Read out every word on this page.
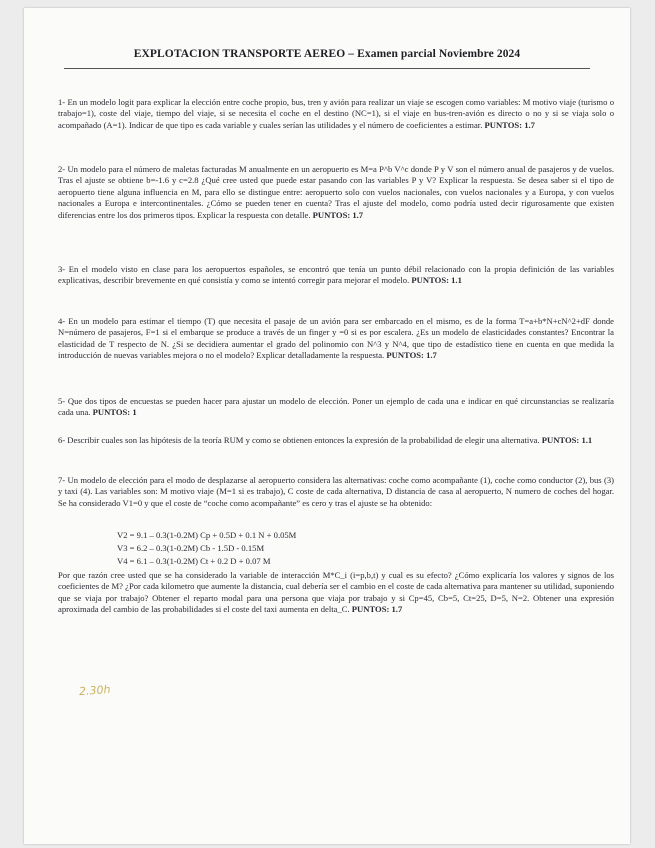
EXPLOTACION TRANSPORTE AEREO – Examen parcial Noviembre 2024
1- En un modelo logit para explicar la elección entre coche propio, bus, tren y avión para realizar un viaje se escogen como variables: M motivo viaje (turismo o trabajo=1), coste del viaje, tiempo del viaje, si se necesita el coche en el destino (NC=1), si el viaje en bus-tren-avión es directo o no y si se viaja solo o acompañado (A=1). Indicar de que tipo es cada variable y cuales serían las utilidades y el número de coeficientes a estimar. PUNTOS: 1.7
2- Un modelo para el número de maletas facturadas M anualmente en un aeropuerto es M=a P^b V^c donde P y V son el número anual de pasajeros y de vuelos. Tras el ajuste se obtiene b=-1.6 y c=2.8 ¿Qué cree usted que puede estar pasando con las variables P y V? Explicar la respuesta. Se desea saber si el tipo de aeropuerto tiene alguna influencia en M, para ello se distingue entre: aeropuerto solo con vuelos nacionales, con vuelos nacionales y a Europa, y con vuelos nacionales a Europa e intercontinentales. ¿Cómo se pueden tener en cuenta? Tras el ajuste del modelo, como podría usted decir rigurosamente que existen diferencias entre los dos primeros tipos. Explicar la respuesta con detalle. PUNTOS: 1.7
3- En el modelo visto en clase para los aeropuertos españoles, se encontró que tenía un punto débil relacionado con la propia definición de las variables explicativas, describir brevemente en qué consistía y como se intentó corregir para mejorar el modelo. PUNTOS: 1.1
4- En un modelo para estimar el tiempo (T) que necesita el pasaje de un avión para ser embarcado en el mismo, es de la forma T=a+b*N+cN^2+dF donde N=número de pasajeros, F=1 si el embarque se produce a través de un finger y =0 si es por escalera. ¿Es un modelo de elasticidades constantes? Encontrar la elasticidad de T respecto de N. ¿Si se decidiera aumentar el grado del polinomio con N^3 y N^4, que tipo de estadístico tiene en cuenta en que medida la introducción de nuevas variables mejora o no el modelo? Explicar detalladamente la respuesta. PUNTOS: 1.7
5- Que dos tipos de encuestas se pueden hacer para ajustar un modelo de elección. Poner un ejemplo de cada una e indicar en qué circunstancias se realizaría cada una. PUNTOS: 1
6- Describir cuales son las hipótesis de la teoría RUM y como se obtienen entonces la expresión de la probabilidad de elegir una alternativa. PUNTOS: 1.1
7- Un modelo de elección para el modo de desplazarse al aeropuerto considera las alternativas: coche como acompañante (1), coche como conductor (2), bus (3) y taxi (4). Las variables son: M motivo viaje (M=1 si es trabajo), C coste de cada alternativa, D distancia de casa al aeropuerto, N numero de coches del hogar. Se ha considerado V1=0 y que el coste de “coche como acompañante” es cero y tras el ajuste se ha obtenido:
V2 = 9.1 – 0.3(1-0.2M) Cp + 0.5D + 0.1 N + 0.05M
V3 = 6.2 – 0.3(1-0.2M) Cb - 1.5D - 0.15M
V4 = 6.1 – 0.3(1-0.2M) Ct + 0.2 D + 0.07 M
Por que razón cree usted que se ha considerado la variable de interacción M*C_i (i=p,b,t) y cual es su efecto? ¿Cómo explicaría los valores y signos de los coeficientes de M? ¿Por cada kilometro que aumente la distancia, cual debería ser el cambio en el coste de cada alternativa para mantener su utilidad, suponiendo que se viaja por trabajo? Obtener el reparto modal para una persona que viaja por trabajo y si Cp=45, Cb=5, Ct=25, D=5, N=2. Obtener una expresión aproximada del cambio de las probabilidades si el coste del taxi aumenta en delta_C. PUNTOS: 1.7
2.30h
